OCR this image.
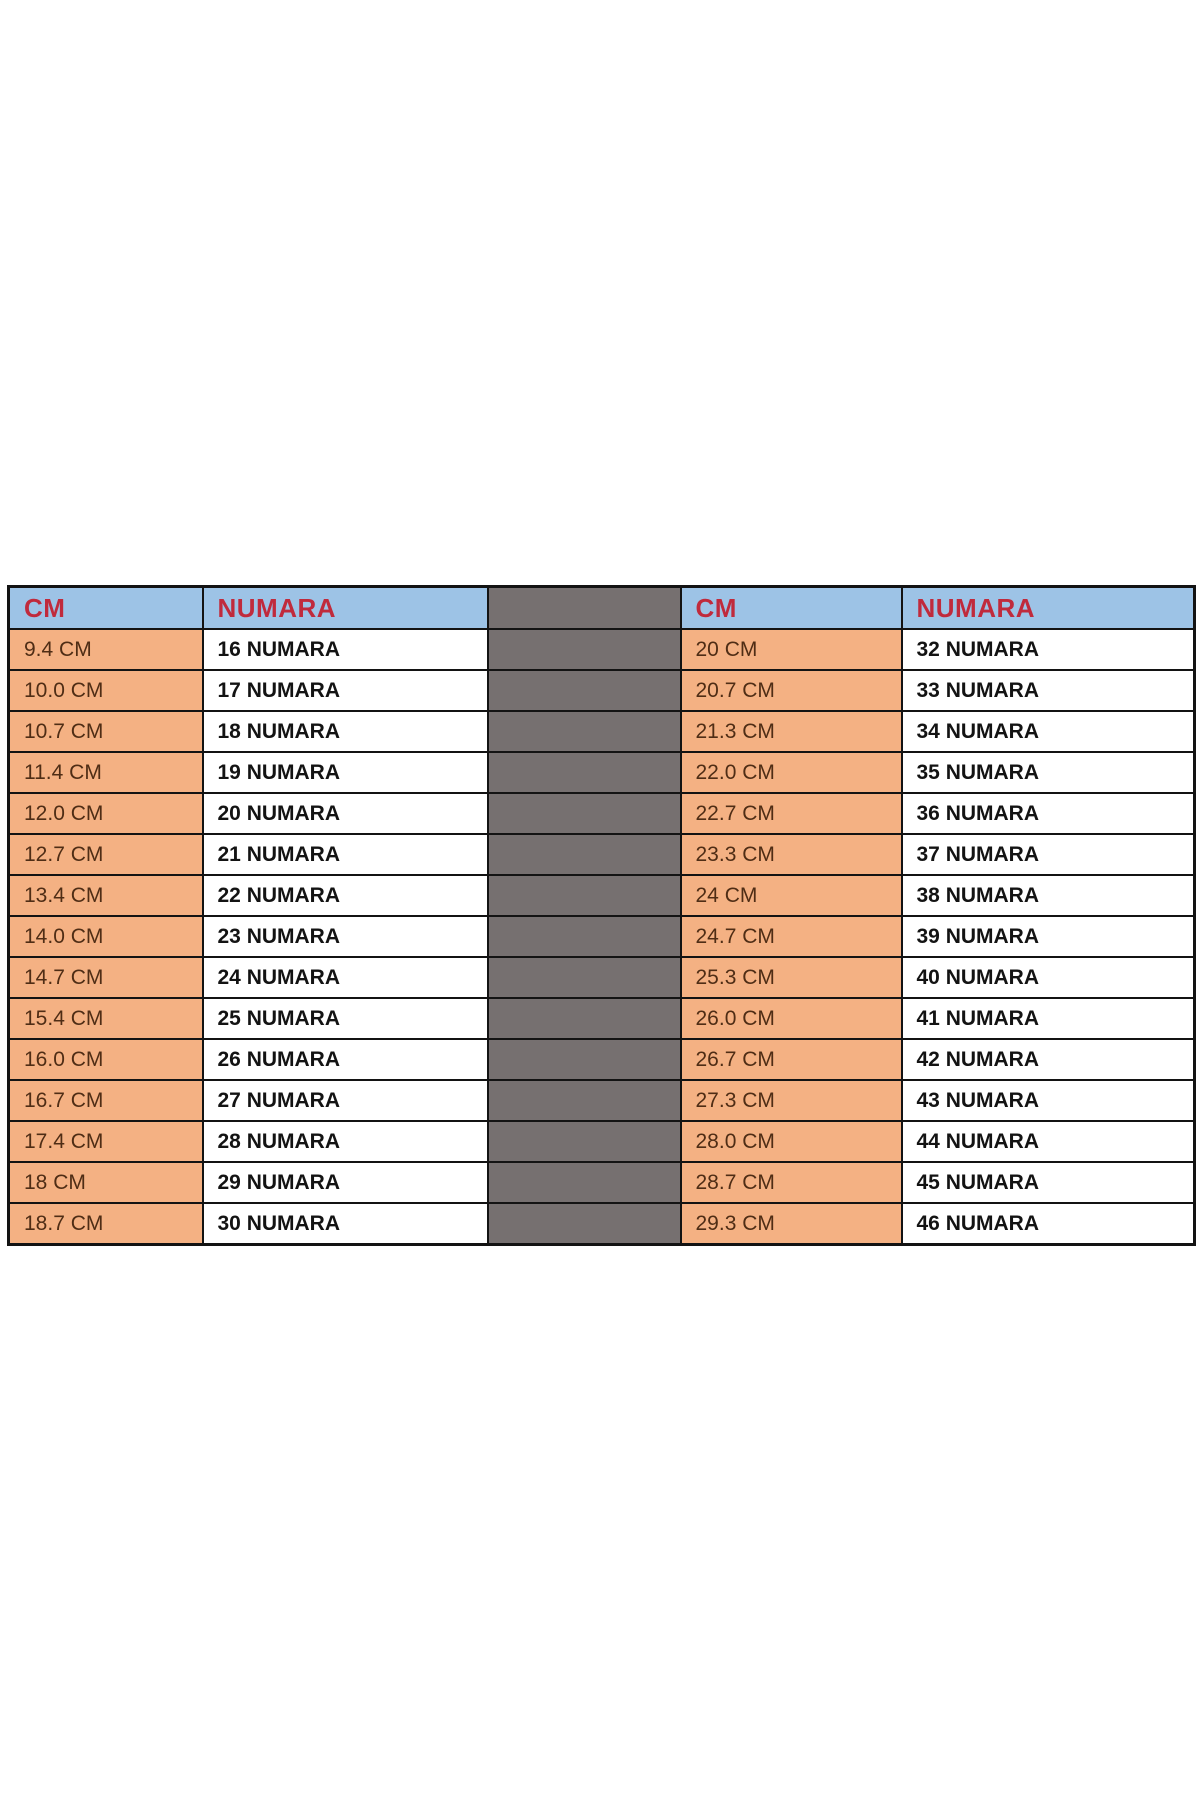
CM	NUMARA		CM	NUMARA
9.4 CM	16 NUMARA		20 CM	32 NUMARA
10.0 CM	17 NUMARA		20.7 CM	33 NUMARA
10.7 CM	18 NUMARA		21.3 CM	34 NUMARA
11.4 CM	19 NUMARA		22.0 CM	35 NUMARA
12.0 CM	20 NUMARA		22.7 CM	36 NUMARA
12.7 CM	21 NUMARA		23.3 CM	37 NUMARA
13.4 CM	22 NUMARA		24 CM	38 NUMARA
14.0 CM	23 NUMARA		24.7 CM	39 NUMARA
14.7 CM	24 NUMARA		25.3 CM	40 NUMARA
15.4 CM	25 NUMARA		26.0 CM	41 NUMARA
16.0 CM	26 NUMARA		26.7 CM	42 NUMARA
16.7 CM	27 NUMARA		27.3 CM	43 NUMARA
17.4 CM	28 NUMARA		28.0 CM	44 NUMARA
18 CM	29 NUMARA		28.7 CM	45 NUMARA
18.7 CM	30 NUMARA		29.3 CM	46 NUMARA
